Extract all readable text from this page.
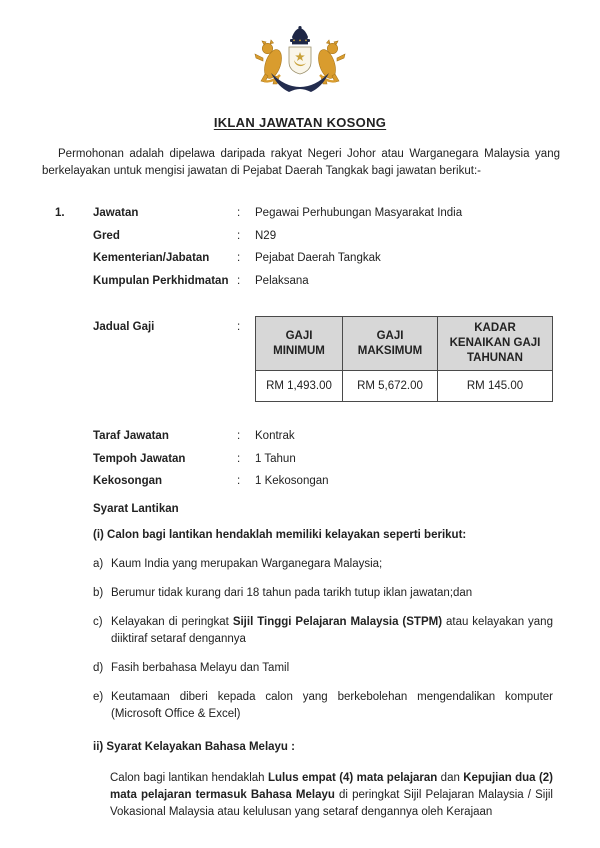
IKLAN JAWATAN KOSONG

Permohonan adalah dipelawa daripada rakyat Negeri Johor atau Warganegara Malaysia yang berkelayakan untuk mengisi jawatan di Pejabat Daerah Tangkak bagi jawatan berikut:-

1.	Jawatan	:	Pegawai Perhubungan Masyarakat India
Gred	:	N29
Kementerian/Jabatan	:	Pejabat Daerah Tangkak
Kumpulan Perkhidmatan :	Pelaksana
Jadual Gaji	:
GAJI MINIMUM	GAJI MAKSIMUM	KADAR KENAIKAN GAJI TAHUNAN
RM 1,493.00	RM 5,672.00	RM 145.00
Taraf Jawatan	:	Kontrak
Tempoh Jawatan	:	1 Tahun
Kekosongan	:	1 Kekosongan
Syarat Lantikan
(i) Calon bagi lantikan hendaklah memiliki kelayakan seperti berikut:
a) Kaum India yang merupakan Warganegara Malaysia;
b) Berumur tidak kurang dari 18 tahun pada tarikh tutup iklan jawatan;dan
c) Kelayakan di peringkat Sijil Tinggi Pelajaran Malaysia (STPM) atau kelayakan yang diiktiraf setaraf dengannya
d) Fasih berbahasa Melayu dan Tamil
e) Keutamaan diberi kepada calon yang berkebolehan mengendalikan komputer (Microsoft Office & Excel)
ii) Syarat Kelayakan Bahasa Melayu :

Calon bagi lantikan hendaklah Lulus empat (4) mata pelajaran dan Kepujian dua (2) mata pelajaran termasuk Bahasa Melayu di peringkat Sijil Pelajaran Malaysia / Sijil Vokasional Malaysia atau kelulusan yang setaraf dengannya oleh Kerajaan
